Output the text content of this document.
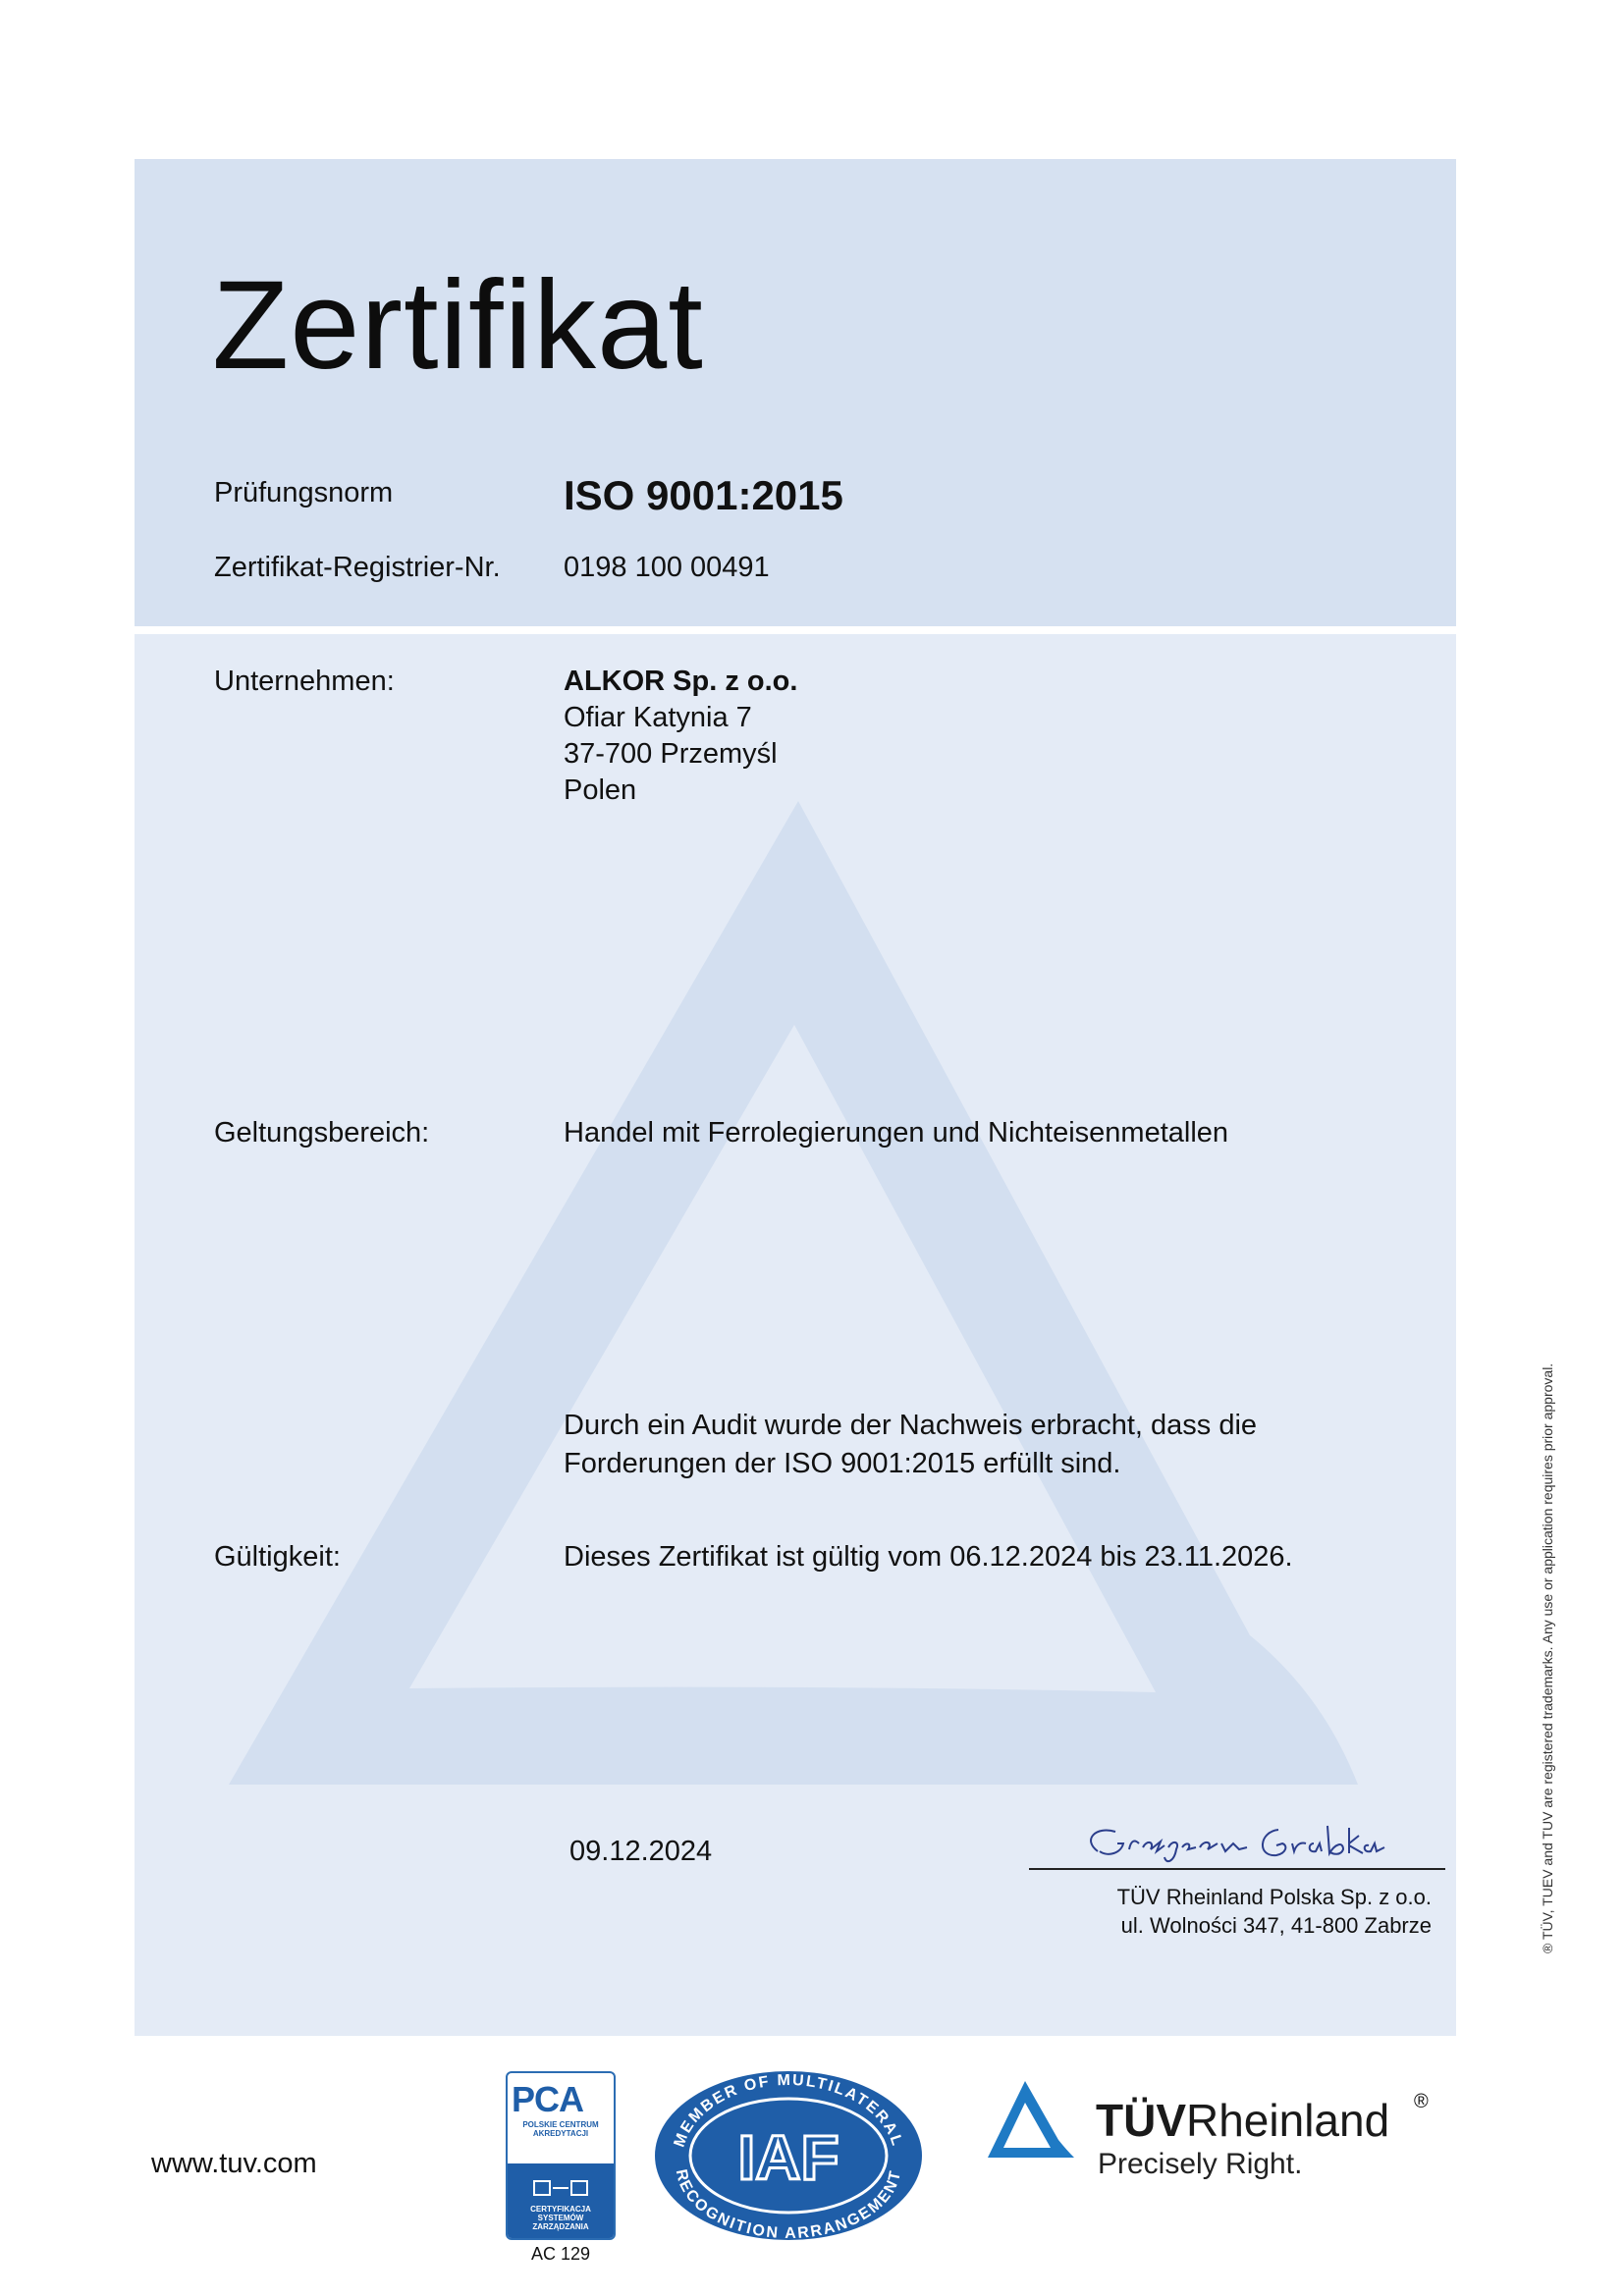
Zertifikat
Prüfungsnorm	ISO 9001:2015
Zertifikat-Registrier-Nr. 0198 100 00491
Unternehmen:	ALKOR Sp. z o.o.
Ofiar Katynia 7
37-700 Przemyśl
Polen
Geltungsbereich:	Handel mit Ferrolegierungen und Nichteisenmetallen
Durch ein Audit wurde der Nachweis erbracht, dass die
Forderungen der ISO 9001:2015 erfüllt sind.
Gültigkeit:	Dieses Zertifikat ist gültig vom 06.12.2024 bis 23.11.2026.
09.12.2024
TÜV Rheinland Polska Sp. z o.o.
ul. Wolności 347, 41-800 Zabrze	® TÜV, TUEV and TUV are registered trademarks. Any use or application requires prior approval.
www.tuv.com
PCA
POLSKIE CENTRUM
AKREDYTACJI
CERTYFIKACJA
SYSTEMÓW
ZARZĄDZANIA
AC 129
MEMBER OF MULTILATERAL
RECOGNITION ARRANGEMENT
IAF
TÜVRheinland ®
Precisely Right.
